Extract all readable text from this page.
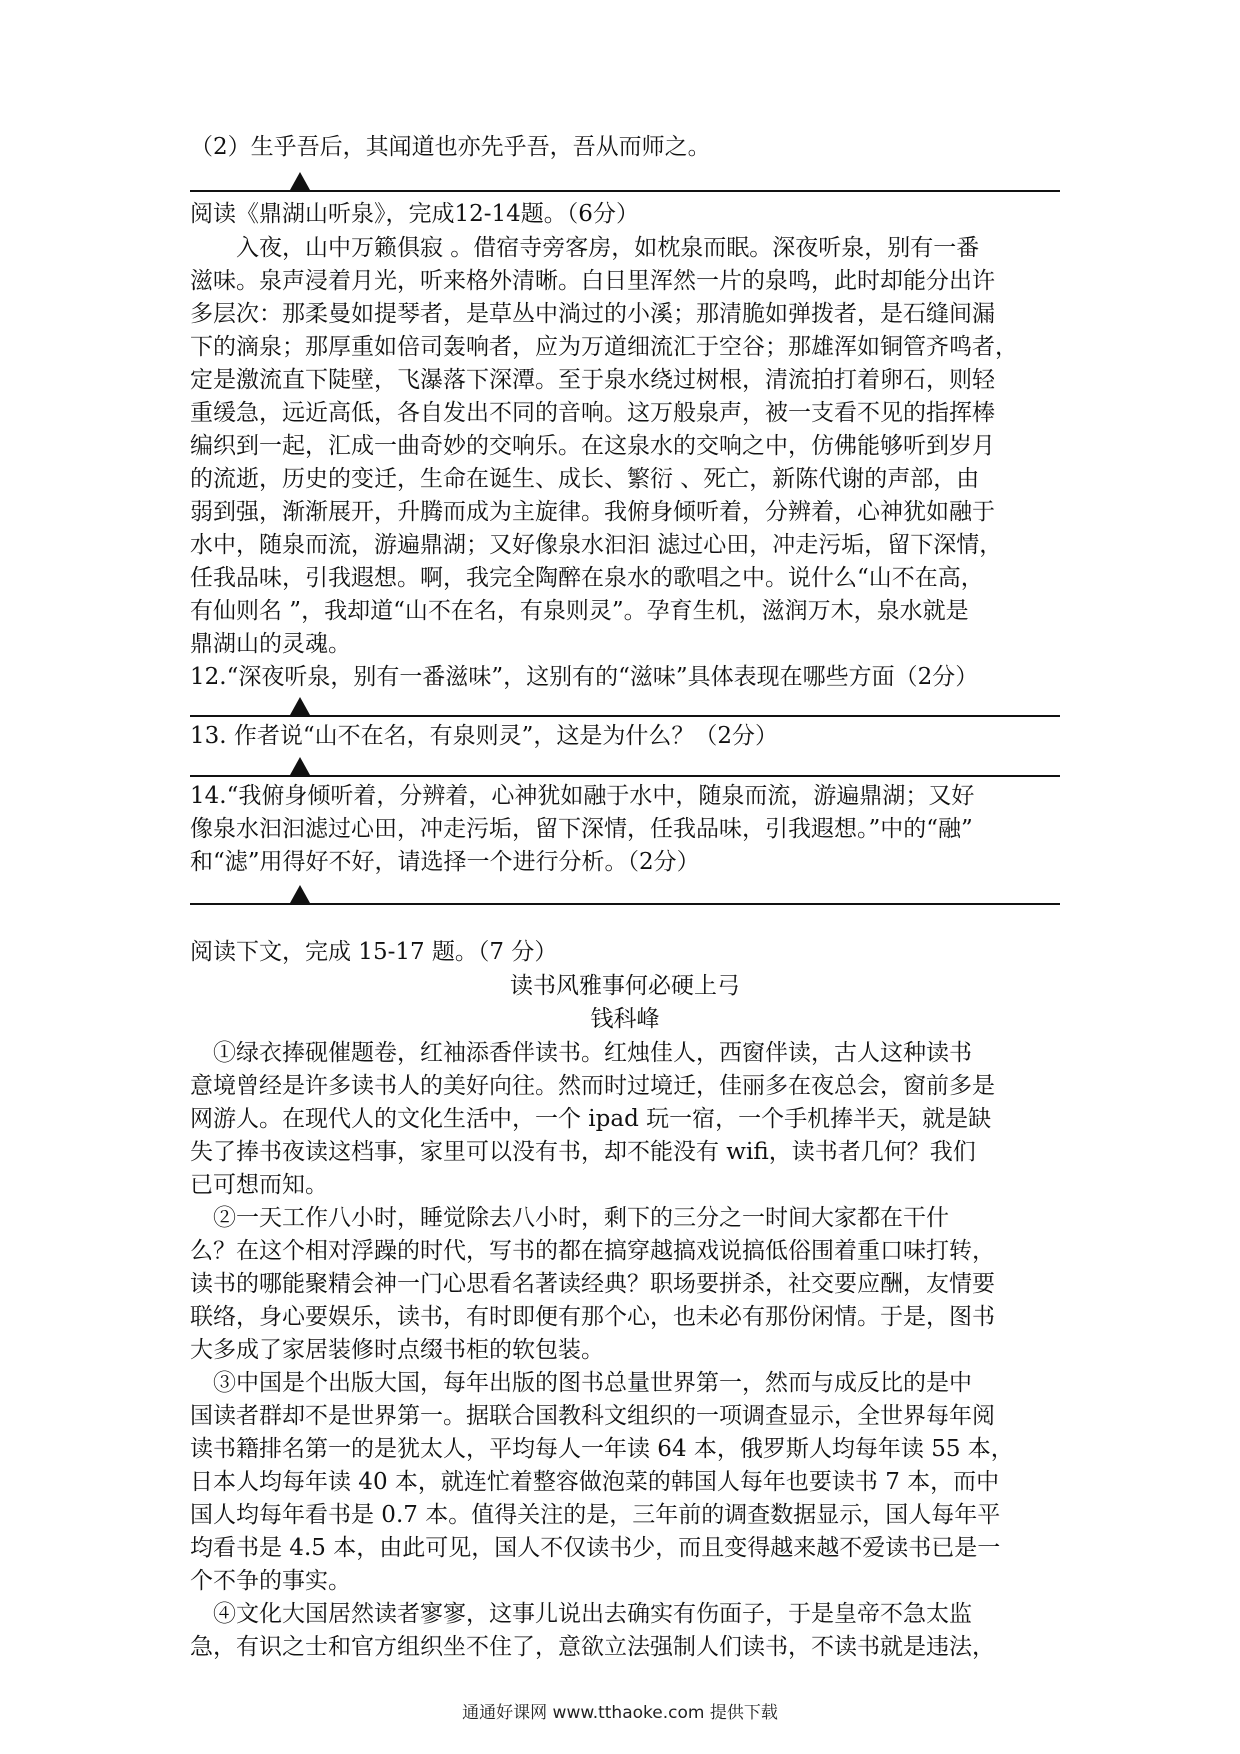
（2）生乎吾后，其闻道也亦先乎吾，吾从而师之。
阅读《鼎湖山听泉》，完成12-14题。（6分）
　　入夜，山中万籁俱寂 。借宿寺旁客房，如枕泉而眠。深夜听泉，别有一番
滋味。泉声浸着月光，听来格外清晰。白日里浑然一片的泉鸣，此时却能分出许
多层次：那柔曼如提琴者，是草丛中淌过的小溪；那清脆如弹拨者，是石缝间漏
下的滴泉；那厚重如倍司轰响者，应为万道细流汇于空谷；那雄浑如铜管齐鸣者，
定是激流直下陡壁，飞瀑落下深潭。至于泉水绕过树根，清流拍打着卵石，则轻
重缓急，远近高低，各自发出不同的音响。这万般泉声，被一支看不见的指挥棒
编织到一起，汇成一曲奇妙的交响乐。在这泉水的交响之中，仿佛能够听到岁月
的流逝，历史的变迁，生命在诞生、成长、繁衍 、死亡，新陈代谢的声部，由
弱到强，渐渐展开，升腾而成为主旋律。我俯身倾听着，分辨着，心神犹如融于
水中，随泉而流，游遍鼎湖；又好像泉水汩汩 滤过心田，冲走污垢，留下深情，
任我品味，引我遐想。啊，我完全陶醉在泉水的歌唱之中。说什么“山不在高，
有仙则名 ”，我却道“山不在名，有泉则灵”。孕育生机，滋润万木，泉水就是
鼎湖山的灵魂。
12.“深夜听泉，别有一番滋味”，这别有的“滋味”具体表现在哪些方面（2分）
13. 作者说“山不在名，有泉则灵”，这是为什么？（2分）
14.“我俯身倾听着，分辨着，心神犹如融于水中，随泉而流，游遍鼎湖；又好
像泉水汩汩滤过心田，冲走污垢，留下深情，任我品味，引我遐想。”中的“融”
和“滤”用得好不好，请选择一个进行分析。（2分）
阅读下文，完成 15-17 题。（7 分）
读书风雅事何必硬上弓
钱科峰
　①绿衣捧砚催题卷，红袖添香伴读书。红烛佳人，西窗伴读，古人这种读书
意境曾经是许多读书人的美好向往。然而时过境迁，佳丽多在夜总会，窗前多是
网游人。在现代人的文化生活中，一个 ipad 玩一宿，一个手机捧半天，就是缺
失了捧书夜读这档事，家里可以没有书，却不能没有 wifi，读书者几何？我们
已可想而知。
　②一天工作八小时，睡觉除去八小时，剩下的三分之一时间大家都在干什
么？在这个相对浮躁的时代，写书的都在搞穿越搞戏说搞低俗围着重口味打转，
读书的哪能聚精会神一门心思看名著读经典？职场要拼杀，社交要应酬，友情要
联络，身心要娱乐，读书，有时即便有那个心，也未必有那份闲情。于是，图书
大多成了家居装修时点缀书柜的软包装。
　③中国是个出版大国，每年出版的图书总量世界第一，然而与成反比的是中
国读者群却不是世界第一。据联合国教科文组织的一项调查显示，全世界每年阅
读书籍排名第一的是犹太人，平均每人一年读 64 本，俄罗斯人均每年读 55 本，
日本人均每年读 40 本，就连忙着整容做泡菜的韩国人每年也要读书 7 本，而中
国人均每年看书是 0.7 本。值得关注的是，三年前的调查数据显示，国人每年平
均看书是 4.5 本，由此可见，国人不仅读书少，而且变得越来越不爱读书已是一
个不争的事实。
　④文化大国居然读者寥寥，这事儿说出去确实有伤面子，于是皇帝不急太监
急，有识之士和官方组织坐不住了，意欲立法强制人们读书，不读书就是违法，
通通好课网 www.tthaoke.com 提供下载
